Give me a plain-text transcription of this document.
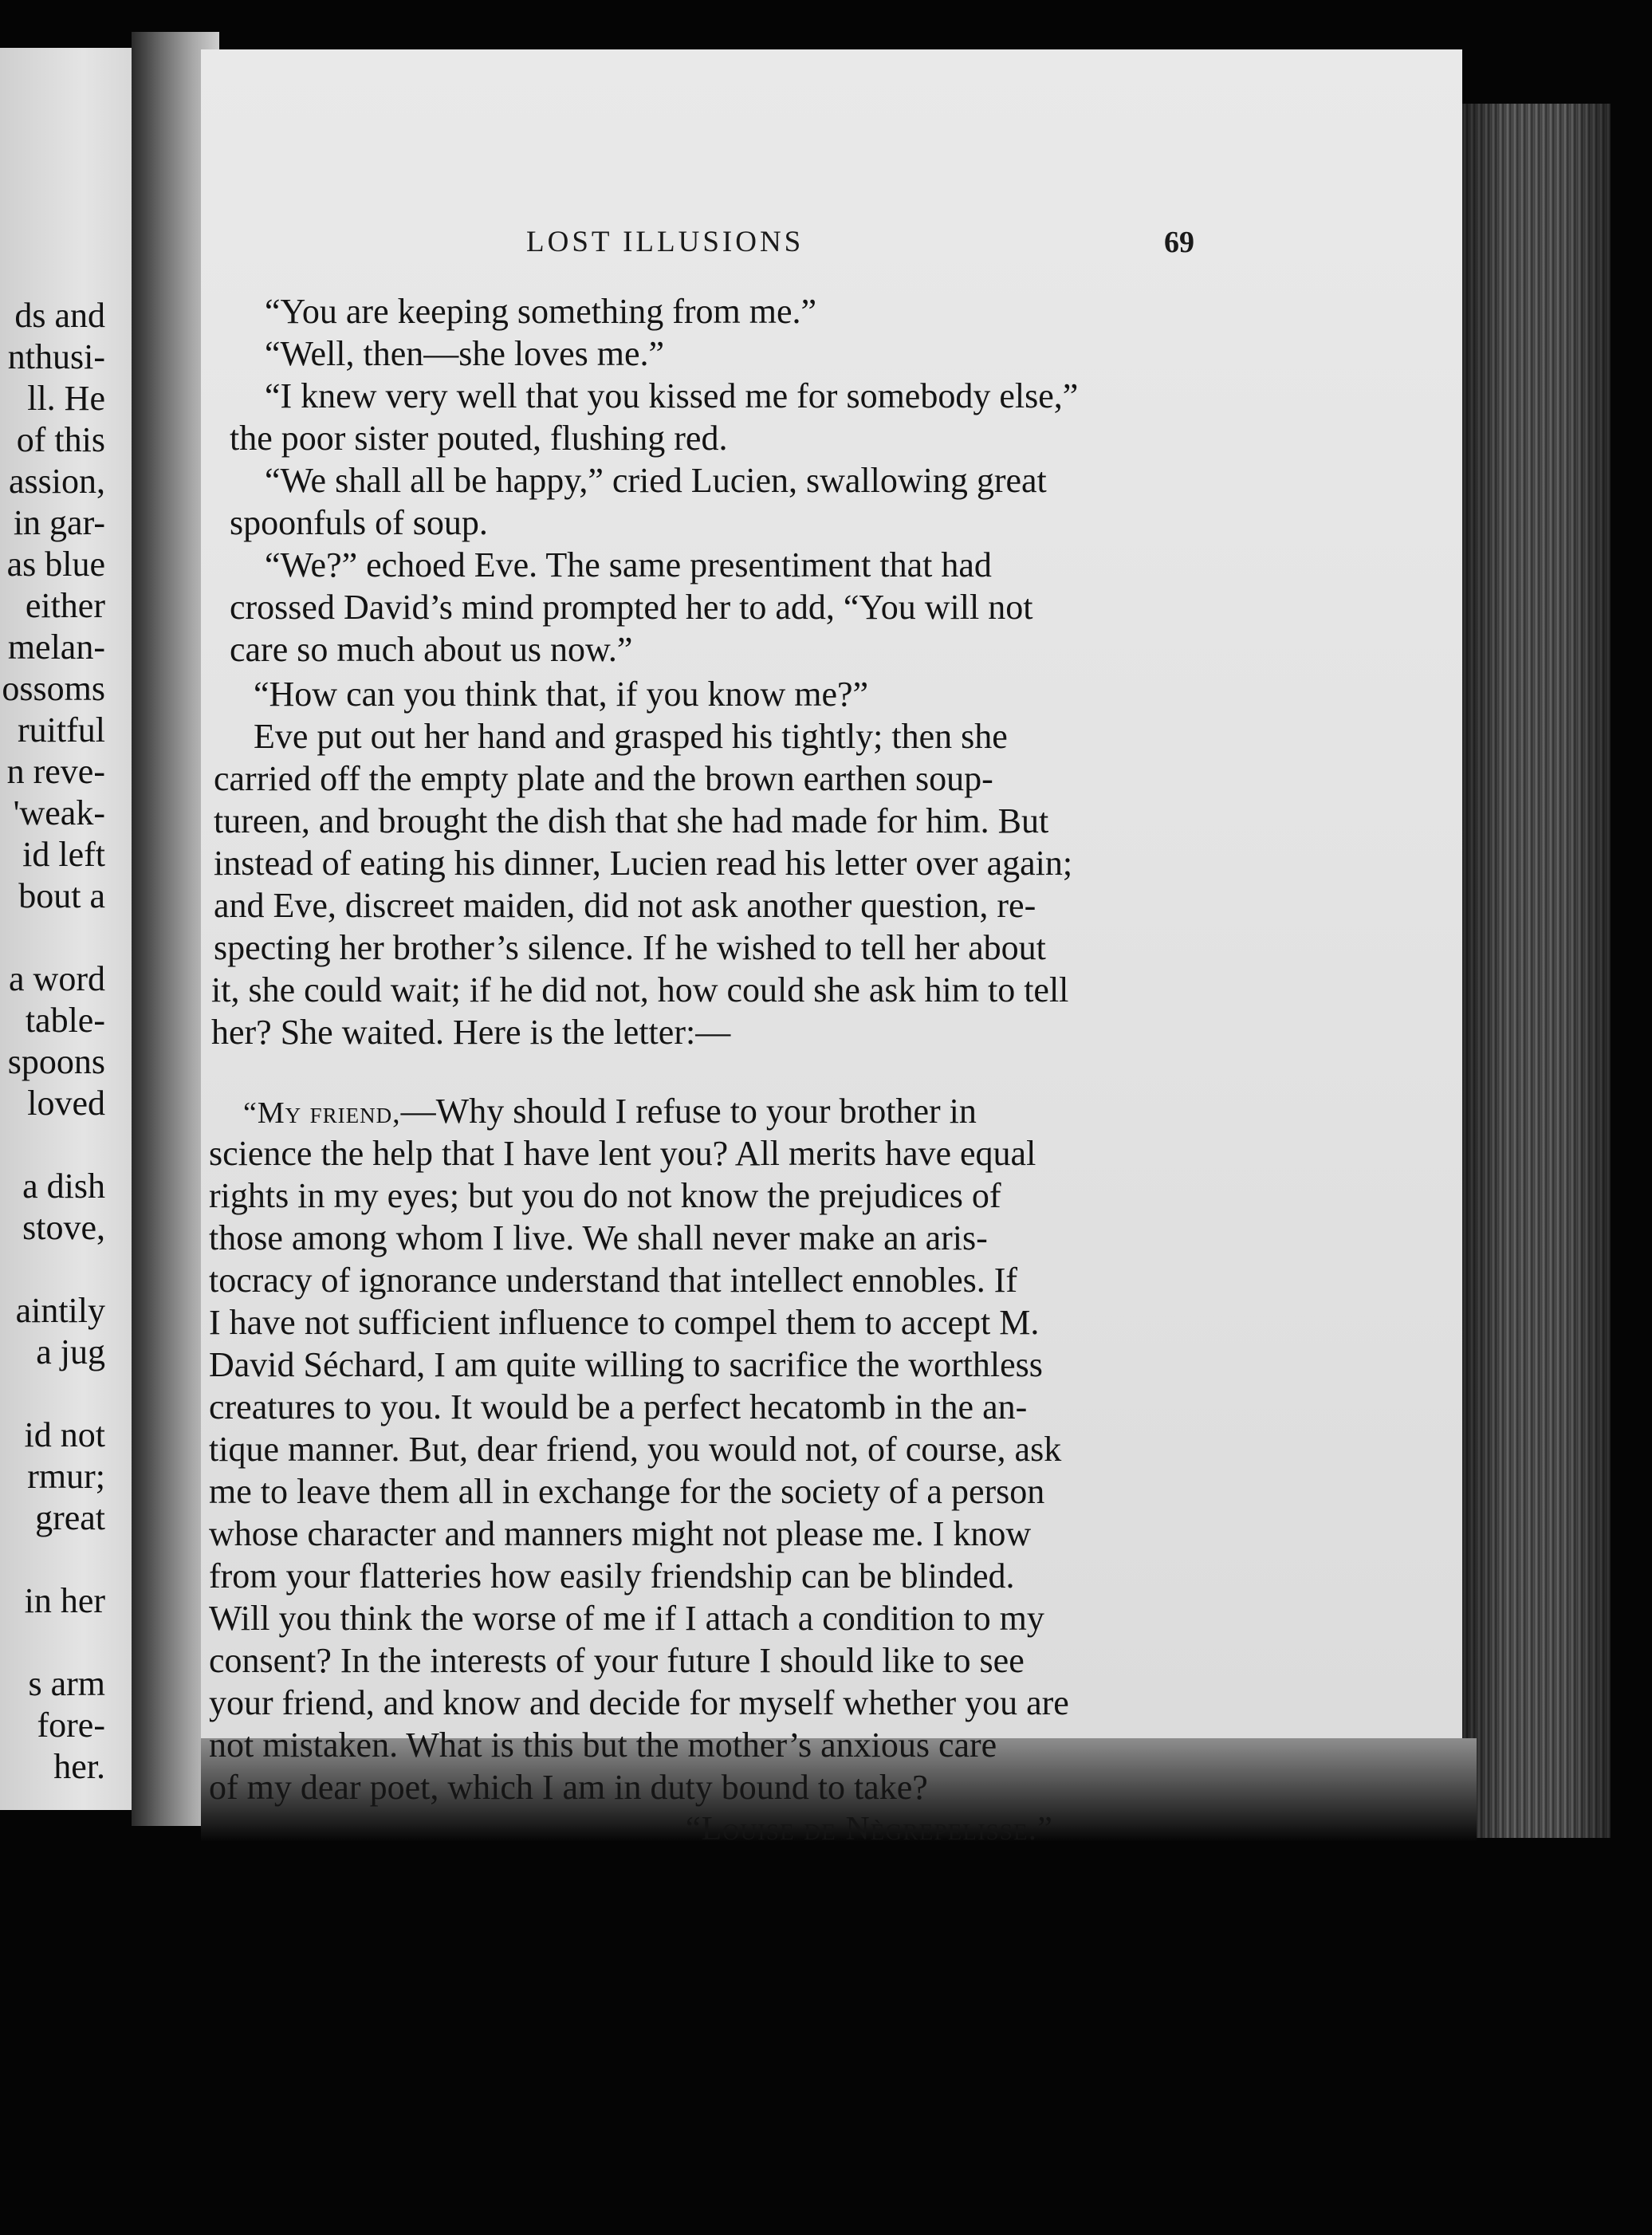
ds and
nthusi-
ll. He
of this
assion,
in gar-
as blue
either
melan-
ossoms
ruitful
n reve-
'weak-
id left
bout a
a word
table-
spoons
loved
a dish
stove,
aintily
a jug
id not
rmur;
great
in her
s arm
fore-
her.
LOST ILLUSIONS	69
“You are keeping something from me.”
“Well, then—she loves me.”
“I knew very well that you kissed me for somebody else,”
the poor sister pouted, flushing red.
“We shall all be happy,” cried Lucien, swallowing great
spoonfuls of soup.
“We?” echoed Eve. The same presentiment that had
crossed David’s mind prompted her to add, “You will not
care so much about us now.”
“How can you think that, if you know me?”
Eve put out her hand and grasped his tightly; then she
carried off the empty plate and the brown earthen soup-
tureen, and brought the dish that she had made for him. But
instead of eating his dinner, Lucien read his letter over again;
and Eve, discreet maiden, did not ask another question, re-
specting her brother’s silence. If he wished to tell her about
it, she could wait; if he did not, how could she ask him to tell
her? She waited. Here is the letter:—
“My friend,—Why should I refuse to your brother in
science the help that I have lent you? All merits have equal
rights in my eyes; but you do not know the prejudices of
those among whom I live. We shall never make an aris-
tocracy of ignorance understand that intellect ennobles. If
I have not sufficient influence to compel them to accept M.
David Séchard, I am quite willing to sacrifice the worthless
creatures to you. It would be a perfect hecatomb in the an-
tique manner. But, dear friend, you would not, of course, ask
me to leave them all in exchange for the society of a person
whose character and manners might not please me. I know
from your flatteries how easily friendship can be blinded.
Will you think the worse of me if I attach a condition to my
consent? In the interests of your future I should like to see
your friend, and know and decide for myself whether you are
not mistaken. What is this but the mother’s anxious care
of my dear poet, which I am in duty bound to take?
“Louise de Nègrepelisse.”
